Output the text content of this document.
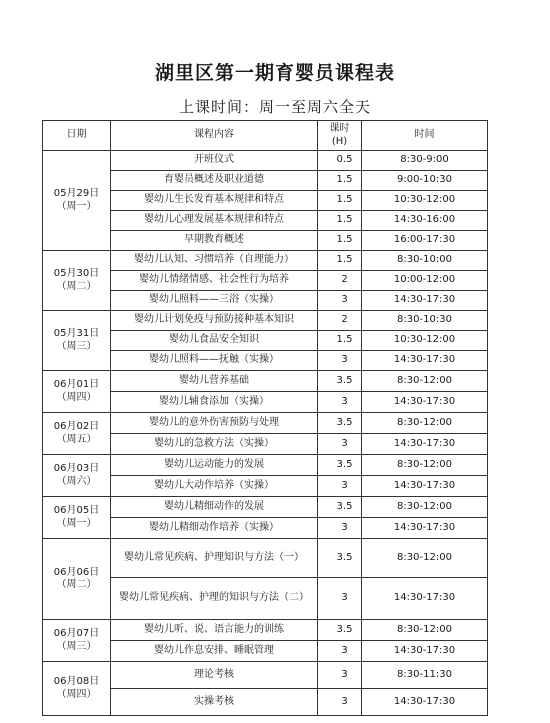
湖里区第一期育婴员课程表
上课时间：周一至周六全天
日期	课程内容	课时
(H)	时间

05月29日
（周一）	开班仪式	0.5	8:30-9:00
	育婴员概述及职业道德	1.5	9:00-10:30
	婴幼儿生长发育基本规律和特点	1.5	10:30-12:00
	婴幼儿心理发展基本规律和特点	1.5	14:30-16:00
	早期教育概述	1.5	16:00-17:30

05月30日
（周二）	婴幼儿认知、习惯培养（自理能力）	1.5	8:30-10:00
	婴幼儿情绪情感、社会性行为培养	2	10:00-12:00
	婴幼儿照料——三浴（实操）	3	14:30-17:30

05月31日
（周三）	婴幼儿计划免疫与预防接种基本知识	2	8:30-10:30
	婴幼儿食品安全知识	1.5	10:30-12:00
	婴幼儿照料——抚触（实操）	3	14:30-17:30

06月01日
（周四）	婴幼儿营养基础	3.5	8:30-12:00
	婴幼儿辅食添加（实操）	3	14:30-17:30

06月02日
（周五）	婴幼儿的意外伤害预防与处理	3.5	8:30-12:00
	婴幼儿的急救方法（实操）	3	14:30-17:30

06月03日
（周六）	婴幼儿运动能力的发展	3.5	8:30-12:00
	婴幼儿大动作培养（实操）	3	14:30-17:30

06月05日
（周一）	婴幼儿精细动作的发展	3.5	8:30-12:00
	婴幼儿精细动作培养（实操）	3	14:30-17:30

06月06日
（周二）	婴幼儿常见疾病、护理知识与方法（一）	3.5	8:30-12:00
	婴幼儿常见疾病、护理的知识与方法（二）	3	14:30-17:30

06月07日
（周三）	婴幼儿听、说、语言能力的训练	3.5	8:30-12:00
	婴幼儿作息安排、睡眠管理	3	14:30-17:30

06月08日
（周四）	理论考核	3	8:30-11:30
	实操考核	3	14:30-17:30
